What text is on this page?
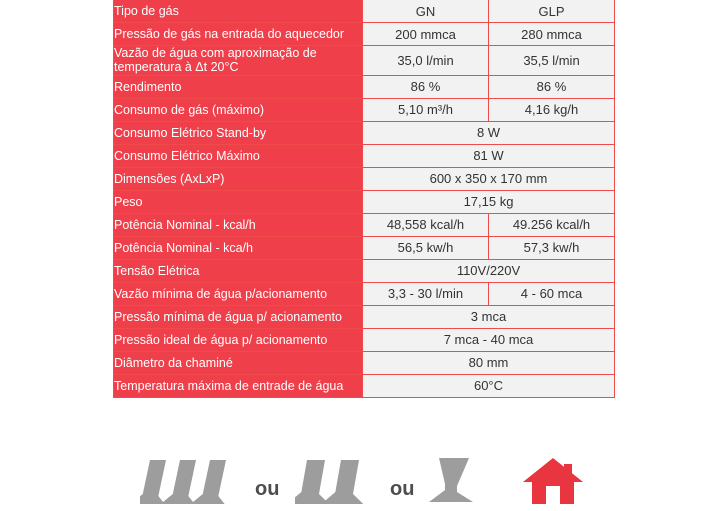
Tipo de gás	GN	GLP
Pressão de gás na entrada do aquecedor	200 mmca	280 mmca
Vazão de água com aproximação de temperatura à Δt 20°C	35,0 l/min	35,5 l/min
Rendimento	86 %	86 %
Consumo de gás (máximo)	5,10 m³/h	4,16 kg/h
Consumo Elétrico Stand-by	8 W	
Consumo Elétrico Máximo	81 W	
Dimensões (AxLxP)	600 x 350 x 170 mm	
Peso	17,15 kg	
Potência Nominal - kcal/h	48,558 kcal/h	49.256 kcal/h
Potência Nominal - kca/h	56,5 kw/h	57,3 kw/h
Tensão Elétrica	110V/220V	
Vazão mínima de água p/acionamento	3,3 - 30 l/min	4 - 60 mca
Pressão mínima de água p/ acionamento	3 mca	
Pressão ideal de água p/ acionamento	7 mca - 40 mca	
Diâmetro da chaminé	80 mm	
Temperatura máxima de entrade de água	60°C	
ou	ou
